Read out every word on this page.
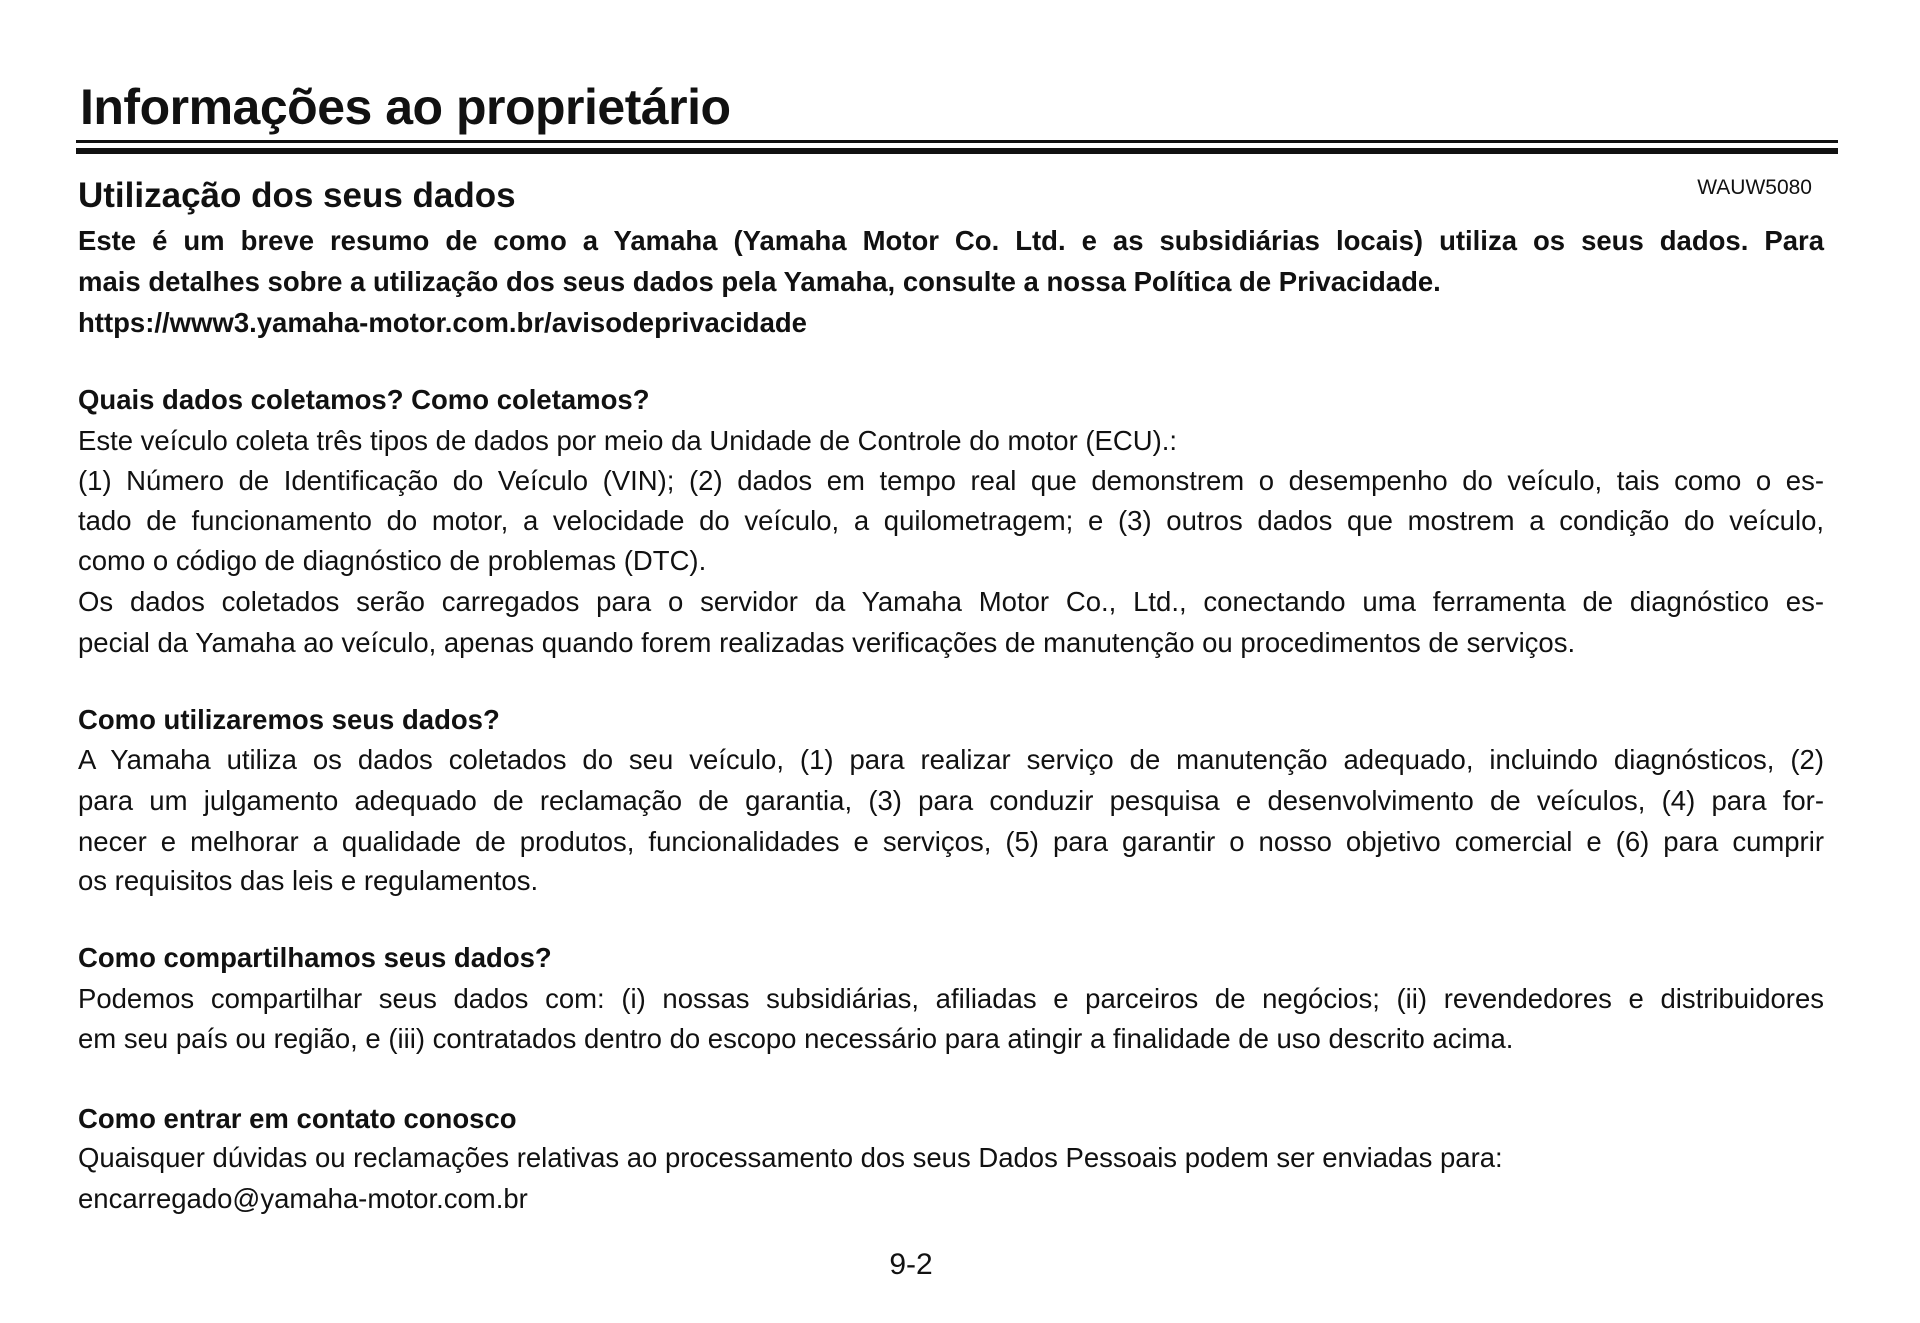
Informações ao proprietário
Utilização dos seus dados	WAUW5080
Este é um breve resumo de como a Yamaha (Yamaha Motor Co. Ltd. e as subsidiárias locais) utiliza os seus dados. Para
mais detalhes sobre a utilização dos seus dados pela Yamaha, consulte a nossa Política de Privacidade.
https://www3.yamaha-motor.com.br/avisodeprivacidade
Quais dados coletamos? Como coletamos?
Este veículo coleta três tipos de dados por meio da Unidade de Controle do motor (ECU).:
(1) Número de Identificação do Veículo (VIN); (2) dados em tempo real que demonstrem o desempenho do veículo, tais como o es-
tado de funcionamento do motor, a velocidade do veículo, a quilometragem; e (3) outros dados que mostrem a condição do veículo,
como o código de diagnóstico de problemas (DTC).
Os dados coletados serão carregados para o servidor da Yamaha Motor Co., Ltd., conectando uma ferramenta de diagnóstico es-
pecial da Yamaha ao veículo, apenas quando forem realizadas verificações de manutenção ou procedimentos de serviços.
Como utilizaremos seus dados?
A Yamaha utiliza os dados coletados do seu veículo, (1) para realizar serviço de manutenção adequado, incluindo diagnósticos, (2)
para um julgamento adequado de reclamação de garantia, (3) para conduzir pesquisa e desenvolvimento de veículos, (4) para for-
necer e melhorar a qualidade de produtos, funcionalidades e serviços, (5) para garantir o nosso objetivo comercial e (6) para cumprir
os requisitos das leis e regulamentos.
Como compartilhamos seus dados?
Podemos compartilhar seus dados com: (i) nossas subsidiárias, afiliadas e parceiros de negócios; (ii) revendedores e distribuidores
em seu país ou região, e (iii) contratados dentro do escopo necessário para atingir a finalidade de uso descrito acima.
Como entrar em contato conosco
Quaisquer dúvidas ou reclamações relativas ao processamento dos seus Dados Pessoais podem ser enviadas para:
encarregado@yamaha-motor.com.br
9-2
